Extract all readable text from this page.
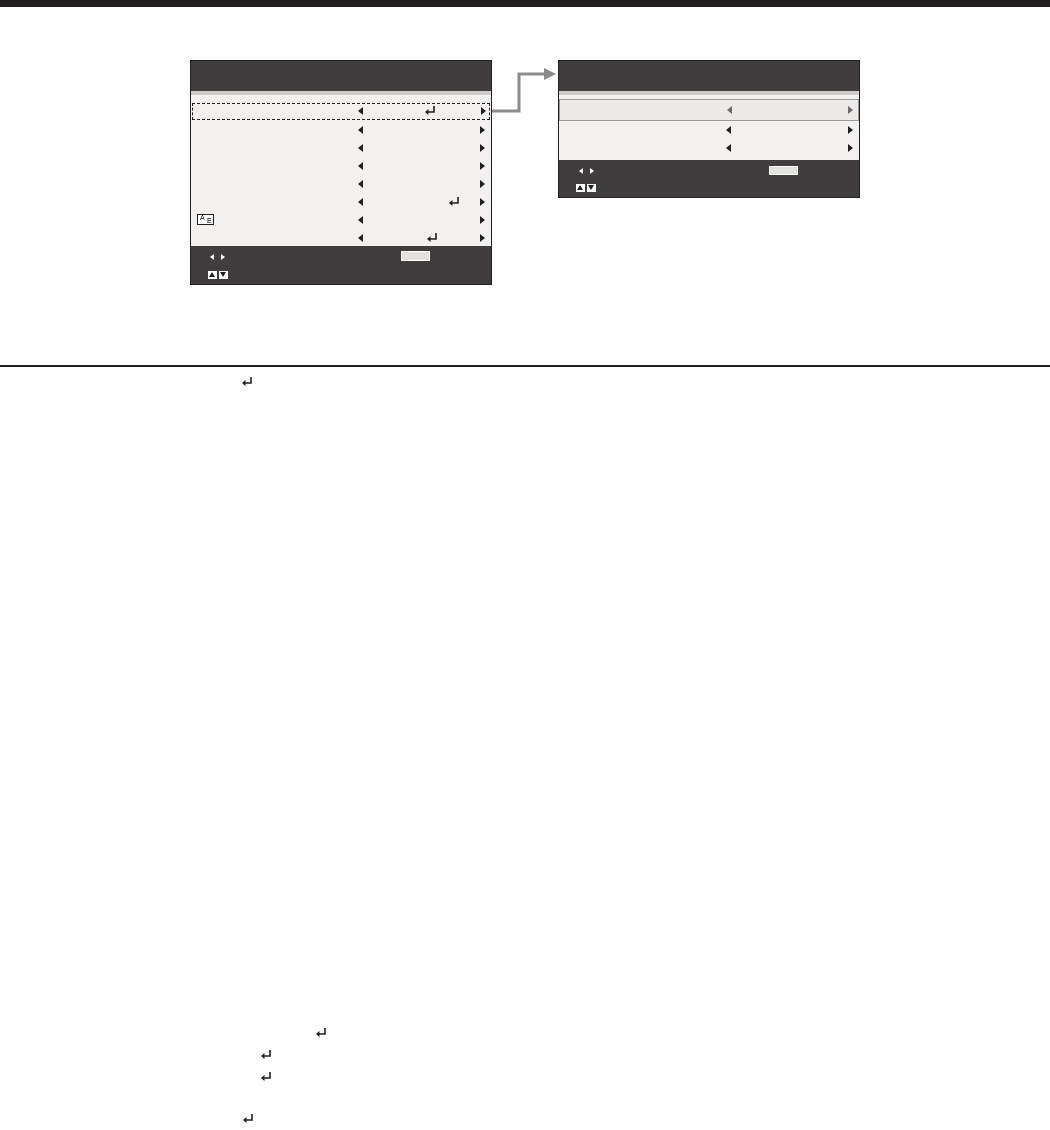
A E
